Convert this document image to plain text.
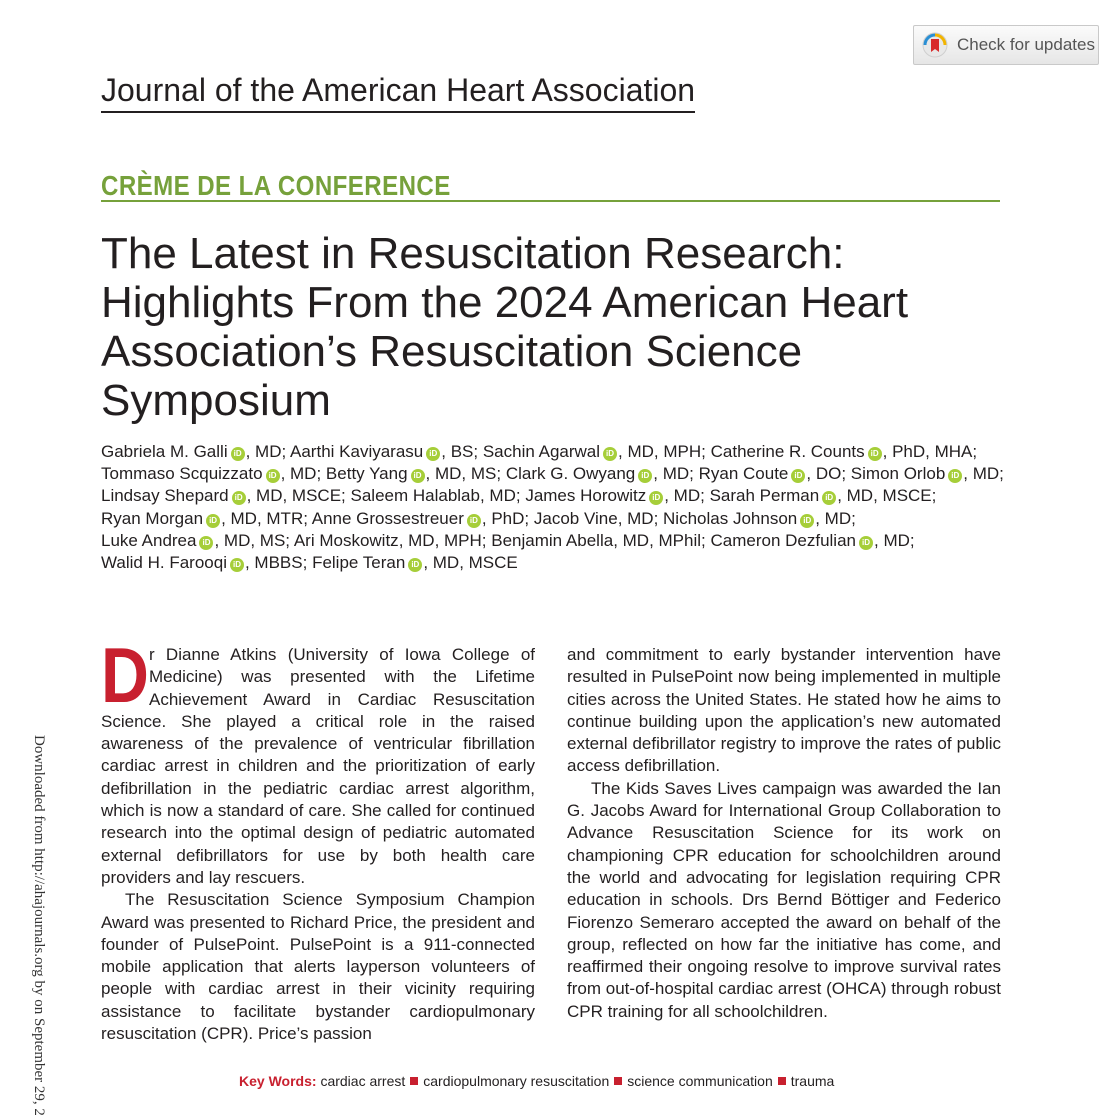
Check for updates
Journal of the American Heart Association
CRÈME DE LA CONFERENCE
The Latest in Resuscitation Research: Highlights From the 2024 American Heart Association’s Resuscitation Science Symposium
Gabriela M. Galli iD , MD; Aarthi Kaviyarasu iD , BS; Sachin Agarwal iD , MD, MPH; Catherine R. Counts iD , PhD, MHA; Tommaso Scquizzato iD , MD; Betty Yang iD , MD, MS; Clark G. Owyang iD , MD; Ryan Coute iD , DO; Simon Orlob iD , MD; Lindsay Shepard iD , MD, MSCE; Saleem Halablab, MD; James Horowitz iD , MD; Sarah Perman iD , MD, MSCE; Ryan Morgan iD , MD, MTR; Anne Grossestreuer iD , PhD; Jacob Vine, MD; Nicholas Johnson iD , MD; Luke Andrea iD , MD, MS; Ari Moskowitz, MD, MPH; Benjamin Abella, MD, MPhil; Cameron Dezfulian iD , MD; Walid H. Farooqi iD , MBBS; Felipe Teran iD , MD, MSCE

Dr Dianne Atkins (University of Iowa College of Medicine) was presented with the Lifetime Achievement Award in Cardiac Resuscitation Science. She played a critical role in the raised awareness of the prevalence of ventricular fibrillation cardiac arrest in children and the prioritization of early defibrillation in the pediatric cardiac arrest algorithm, which is now a standard of care. She called for continued research into the optimal design of pediatric automated external defibrillators for use by both health care providers and lay rescuers.

The Resuscitation Science Symposium Champion Award was presented to Richard Price, the president and founder of PulsePoint. PulsePoint is a 911-connected mobile application that alerts layperson volunteers of people with cardiac arrest in their vicinity requiring assistance to facilitate bystander cardiopulmonary resuscitation (CPR). Price’s passion

and commitment to early bystander intervention have resulted in PulsePoint now being implemented in multiple cities across the United States. He stated how he aims to continue building upon the application’s new automated external defibrillator registry to improve the rates of public access defibrillation.

The Kids Saves Lives campaign was awarded the Ian G. Jacobs Award for International Group Collaboration to Advance Resuscitation Science for its work on championing CPR education for schoolchildren around the world and advocating for legislation requiring CPR education in schools. Drs Bernd Böttiger and Federico Fiorenzo Semeraro accepted the award on behalf of the group, reflected on how far the initiative has come, and reaffirmed their ongoing resolve to improve survival rates from out-of-hospital cardiac arrest (OHCA) through robust CPR training for all schoolchildren.

Downloaded from http://ahajournals.org by on September 29, 2	Key Words: cardiac arrest cardiopulmonary resuscitation science communication trauma
